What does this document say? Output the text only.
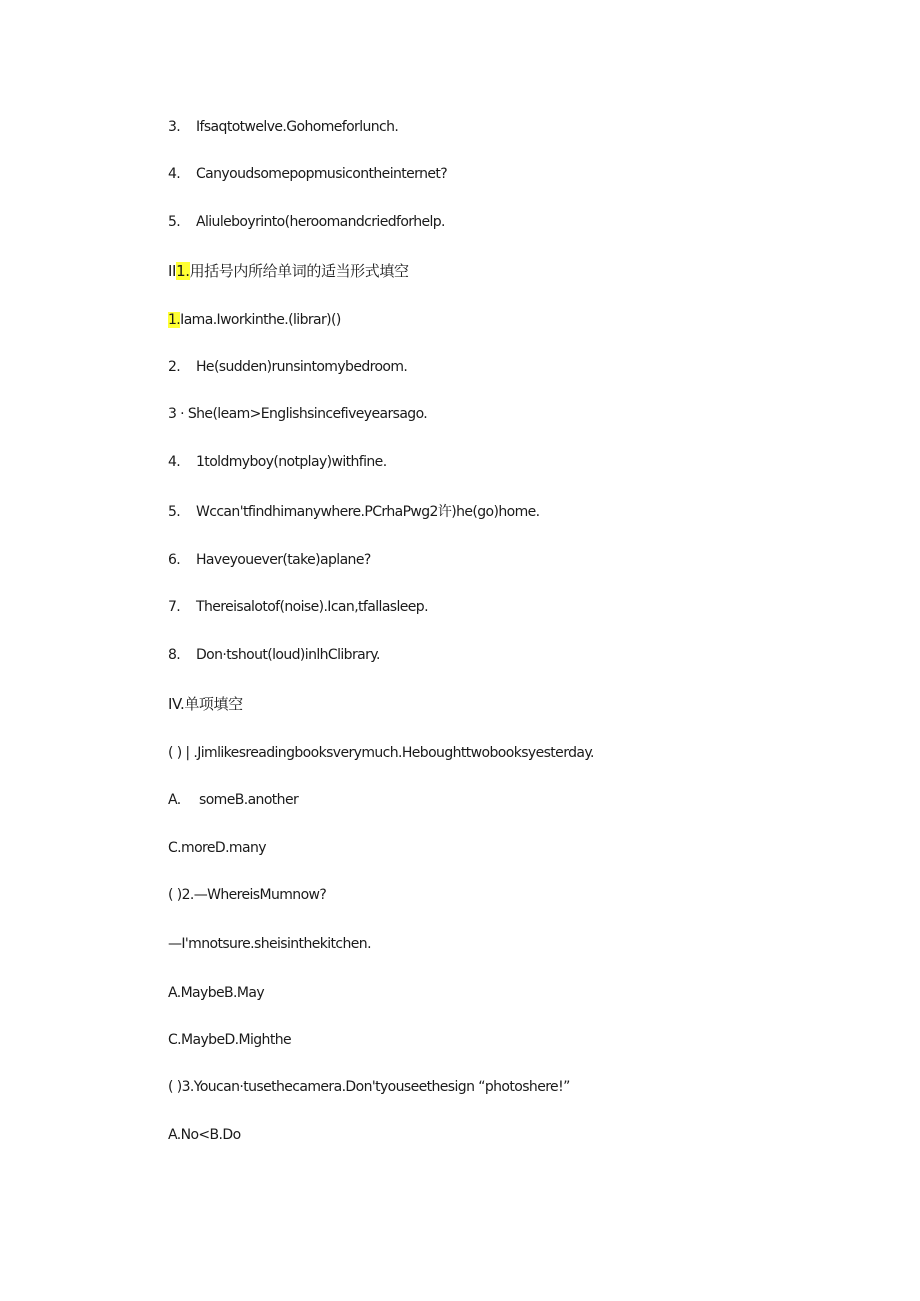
3. Ifsaqtotwelve.Gohomeforlunch.
4. Canyoudsomepopmusicontheinternet?
5. Aliuleboyrinto(heroomandcriedforhelp.
II1.用括号内所给单词的适当形式填空
1.Iama.Iworkinthe.(librar)()
2. He(sudden)runsintomybedroom.
3 · She(leam>Englishsincefiveyearsago.
4. 1toldmyboy(notplay)withfine.
5. Wccan'tfindhimanywhere.PCrhaPwg2许)he(go)home.
6. Haveyouever(take)aplane?
7. Thereisalotof(noise).Ican,tfallasleep.
8. Don·tshout(loud)inlhClibrary.
IV.单项填空
( ) | .Jimlikesreadingbooksverymuch.Heboughttwobooksyesterday.
A. someB.another
C.moreD.many
( )2.—WhereisMumnow?
—I'mnotsure.sheisinthekitchen.
A.MaybeB.May
C.MaybeD.Mighthe
( )3.Youcan·tusethecamera.Don'tyouseethesign “photoshere!”
A.No<B.Do
